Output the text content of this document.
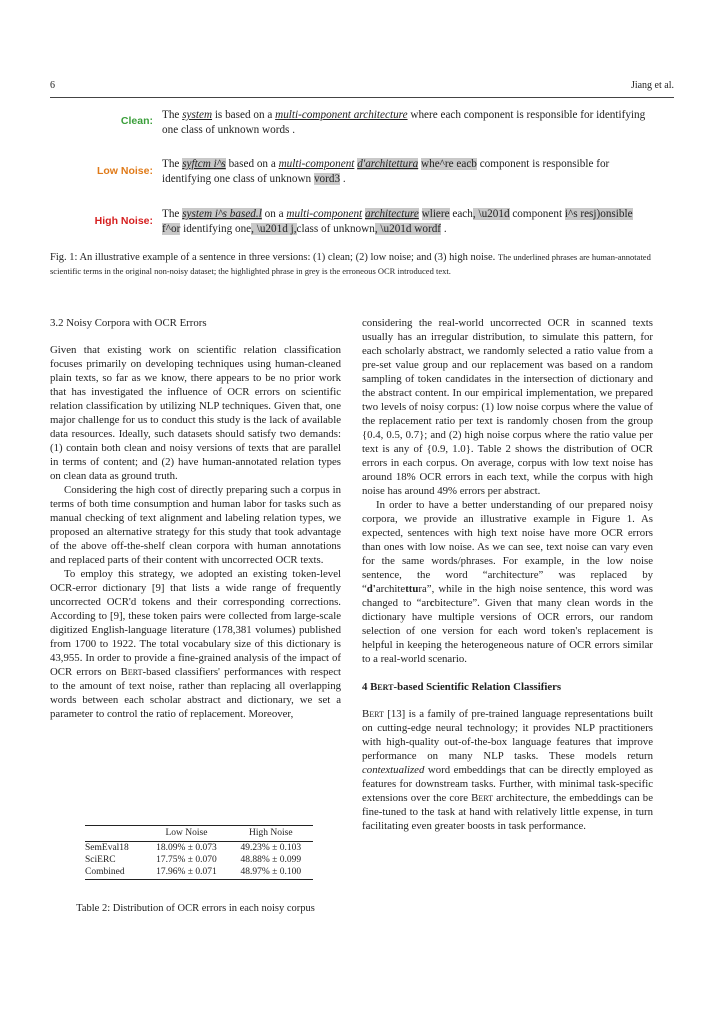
6	Jiang et al.
Clean: The system is based on a multi-component architecture where each component is responsible for identifying one class of unknown words .
Low Noise:
The syftcm i^s based on a multi-component d'architettura whe^re eacb component is responsible for identifying one class of unknown vord3 .
High Noise:
The system i^s based.l on a multi-component architecture wliere each, \u201d component i^s resj)onsible f^or identifying one, \u201d j,class of unknown, \u201d wordf .
Fig. 1: An illustrative example of a sentence in three versions: (1) clean; (2) low noise; and (3) high noise. The underlined phrases are human-annotated scientific terms in the original non-noisy dataset; the highlighted phrase in grey is the erroneous OCR introduced text.
3.2 Noisy Corpora with OCR Errors

Given that existing work on scientific relation classification focuses primarily on developing techniques using human-cleaned plain texts, so far as we know, there appears to be no prior work that has investigated the influence of OCR errors on scientific relation classification by utilizing NLP techniques. Given that, one major challenge for us to conduct this study is the lack of available data resources. Ideally, such datasets should satisfy two demands: (1) contain both clean and noisy versions of texts that are parallel in terms of content; and (2) have human-annotated relation types on clean data as ground truth.

Considering the high cost of directly preparing such a corpus in terms of both time consumption and human labor for tasks such as manual checking of text alignment and labeling relation types, we proposed an alternative strategy for this study that took advantage of the above off-the-shelf clean corpora with human annotations and replaced parts of their content with uncorrected OCR texts.

To employ this strategy, we adopted an existing token-level OCR-error dictionary [9] that lists a wide range of frequently uncorrected OCR'd tokens and their corresponding corrections. According to [9], these token pairs were collected from large-scale digitized English-language literature (178,381 volumes) published from 1700 to 1922. The total vocabulary size of this dictionary is 43,955. In order to provide a fine-grained analysis of the impact of OCR errors on Bert-based classifiers' performances with respect to the amount of text noise, rather than replacing all overlapping words between each scholar abstract and dictionary, we set a parameter to control the ratio of replacement. Moreover,

	Low Noise	High Noise
SemEval18	18.09% ± 0.073	49.23% ± 0.103
SciERC	17.75% ± 0.070	48.88% ± 0.099
Combined	17.96% ± 0.071	48.97% ± 0.100
Table 2: Distribution of OCR errors in each noisy corpus

considering the real-world uncorrected OCR in scanned texts usually has an irregular distribution, to simulate this pattern, for each scholarly abstract, we randomly selected a ratio value from a pre-set value group and our replacement was based on a random sampling of token candidates in the intersection of dictionary and the abstract content. In our empirical implementation, we prepared two levels of noisy corpus: (1) low noise corpus where the value of the replacement ratio per text is randomly chosen from the group {0.4, 0.5, 0.7}; and (2) high noise corpus where the ratio value per text is any of {0.9, 1.0}. Table 2 shows the distribution of OCR errors in each corpus. On average, corpus with low text noise has around 18% OCR errors in each text, while the corpus with high noise has around 49% errors per abstract.

In order to have a better understanding of our prepared noisy corpora, we provide an illustrative example in Figure 1. As expected, sentences with high text noise have more OCR errors than ones with low noise. As we can see, text noise can vary even for the same words/phrases. For example, in the low noise sentence, the word “architecture” was replaced by “d'architettura”, while in the high noise sentence, this word was changed to “arcbitecture”. Given that many clean words in the dictionary have multiple versions of OCR errors, our random selection of one version for each word token's replacement is helpful in keeping the heterogeneous nature of OCR errors similar to a real-world scenario.

4 Bert-based Scientific Relation Classifiers

Bert [13] is a family of pre-trained language representations built on cutting-edge neural technology; it provides NLP practitioners with high-quality out-of-the-box language features that improve performance on many NLP tasks. These models return contextualized word embeddings that can be directly employed as features for downstream tasks. Further, with minimal task-specific extensions over the core Bert architecture, the embeddings can be fine-tuned to the task at hand with relatively little expense, in turn facilitating even greater boosts in task performance.
